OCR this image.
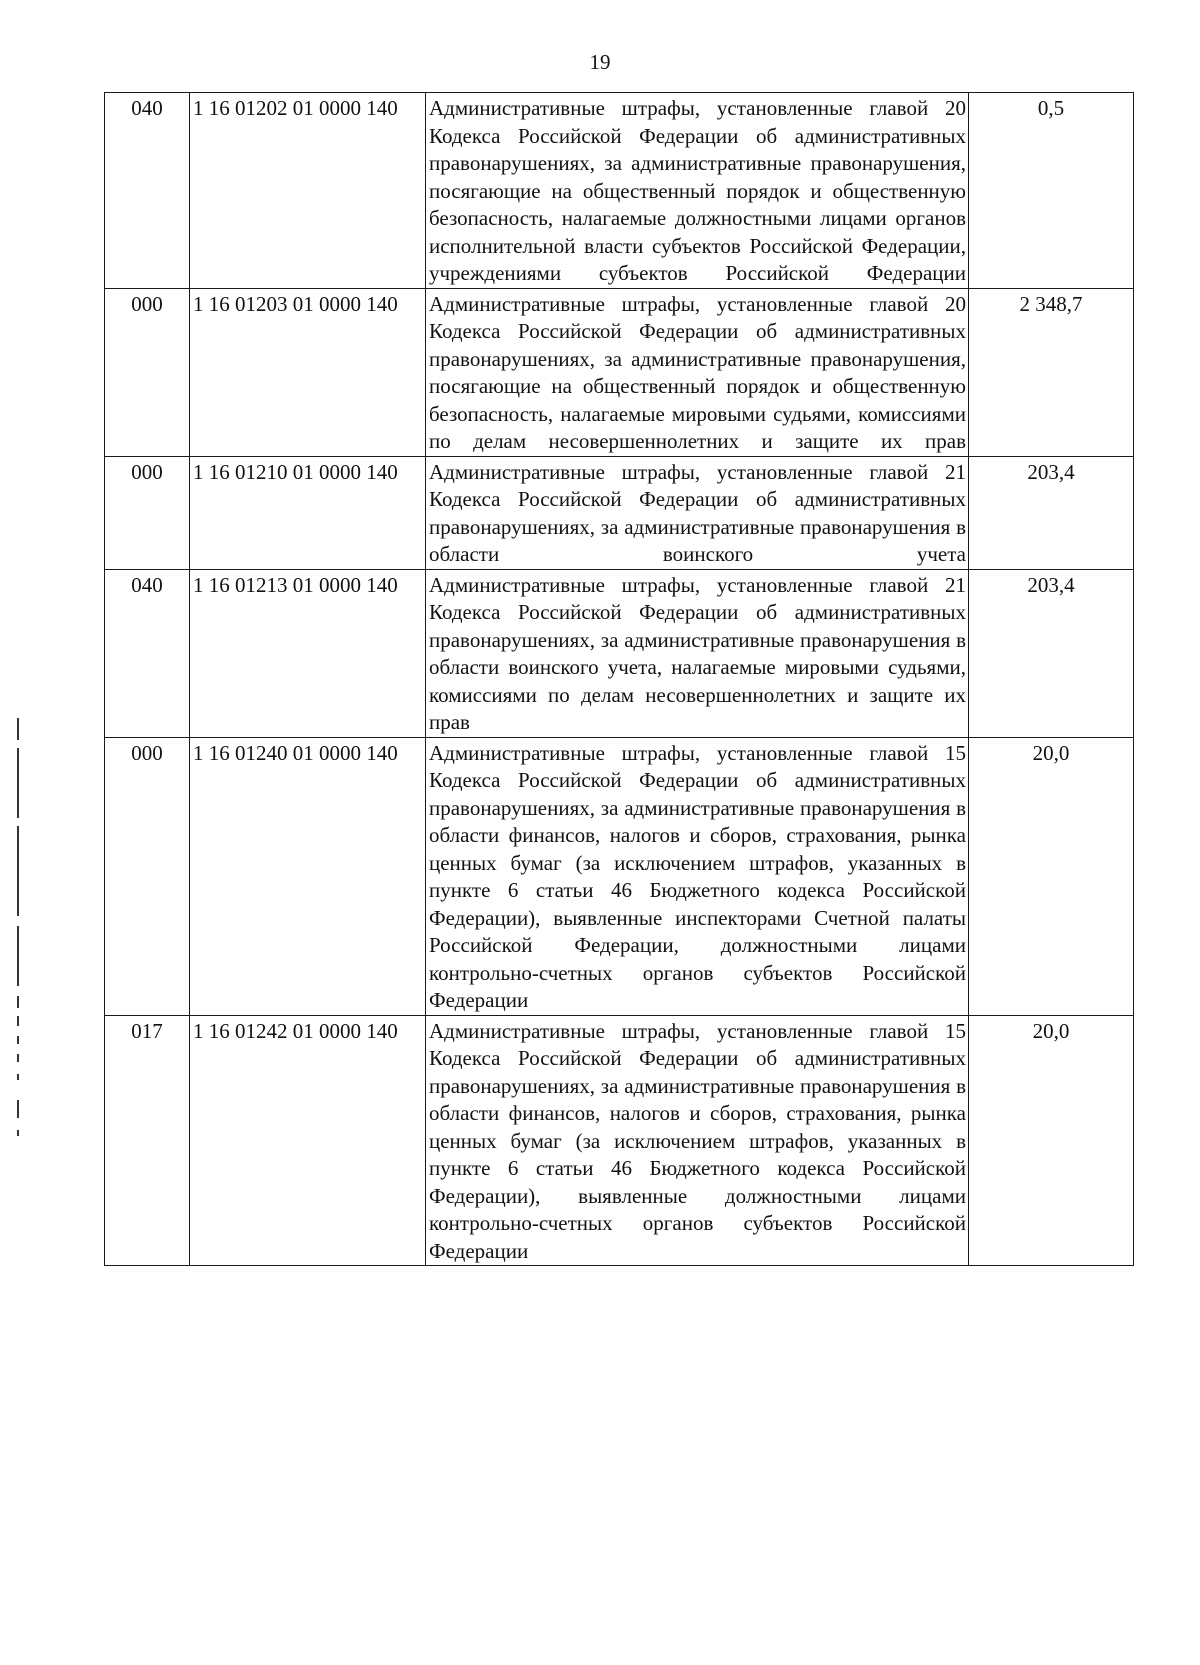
19
040	1 16 01202 01 0000 140	Административные штрафы, установленные главой 20 Кодекса Российской Федерации об административных правонарушениях, за административные правонарушения, посягающие на общественный порядок и общественную безопасность, налагаемые должностными лицами органов исполнительной власти субъектов Российской Федерации, учреждениями субъектов Российской Федерации	0,5
000	1 16 01203 01 0000 140	Административные штрафы, установленные главой 20 Кодекса Российской Федерации об административных правонарушениях, за административные правонарушения, посягающие на общественный порядок и общественную безопасность, налагаемые мировыми судьями, комиссиями по делам несовершеннолетних и защите их прав	2 348,7
000	1 16 01210 01 0000 140	Административные штрафы, установленные главой 21 Кодекса Российской Федерации об административных правонарушениях, за административные правонарушения в области воинского учета	203,4
040	1 16 01213 01 0000 140	Административные штрафы, установленные главой 21 Кодекса Российской Федерации об административных правонарушениях, за административные правонарушения в области воинского учета, налагаемые мировыми судьями, комиссиями по делам несовершеннолетних и защите их прав	203,4
000	1 16 01240 01 0000 140	Административные штрафы, установленные главой 15 Кодекса Российской Федерации об административных правонарушениях, за административные правонарушения в области финансов, налогов и сборов, страхования, рынка ценных бумаг (за исключением штрафов, указанных в пункте 6 статьи 46 Бюджетного кодекса Российской Федерации), выявленные инспекторами Счетной палаты Российской Федерации, должностными лицами контрольно-счетных органов субъектов Российской Федерации	20,0
017	1 16 01242 01 0000 140	Административные штрафы, установленные главой 15 Кодекса Российской Федерации об административных правонарушениях, за административные правонарушения в области финансов, налогов и сборов, страхования, рынка ценных бумаг (за исключением штрафов, указанных в пункте 6 статьи 46 Бюджетного кодекса Российской Федерации), выявленные должностными лицами контрольно-счетных органов субъектов Российской Федерации	20,0
